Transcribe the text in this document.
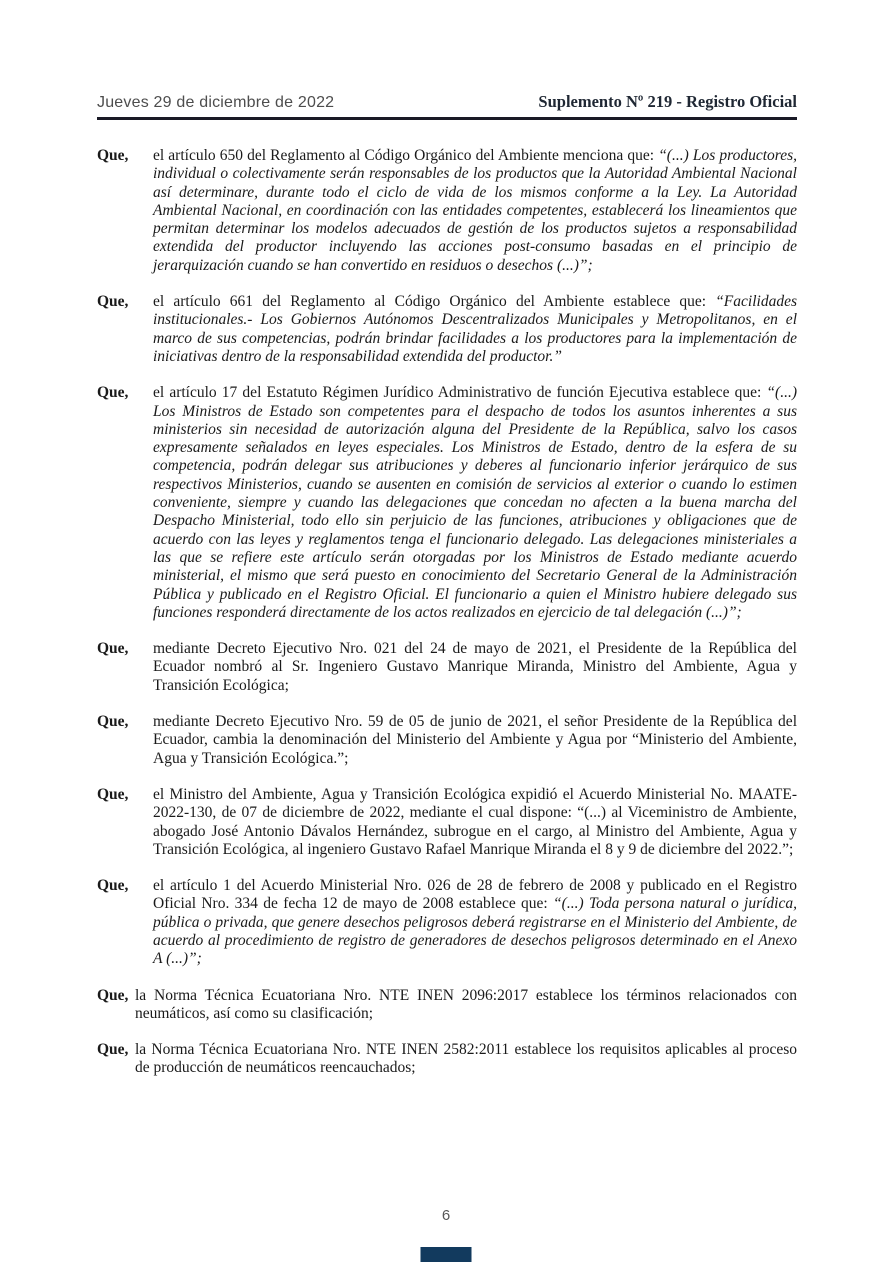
Jueves 29 de diciembre de 2022	Suplemento Nº 219 - Registro Oficial
Que, el artículo 650 del Reglamento al Código Orgánico del Ambiente menciona que: “(...) Los productores, individual o colectivamente serán responsables de los productos que la Autoridad Ambiental Nacional así determinare, durante todo el ciclo de vida de los mismos conforme a la Ley. La Autoridad Ambiental Nacional, en coordinación con las entidades competentes, establecerá los lineamientos que permitan determinar los modelos adecuados de gestión de los productos sujetos a responsabilidad extendida del productor incluyendo las acciones post-consumo basadas en el principio de jerarquización cuando se han convertido en residuos o desechos (...)”;
Que, el artículo 661 del Reglamento al Código Orgánico del Ambiente establece que: “Facilidades institucionales.- Los Gobiernos Autónomos Descentralizados Municipales y Metropolitanos, en el marco de sus competencias, podrán brindar facilidades a los productores para la implementación de iniciativas dentro de la responsabilidad extendida del productor.”
Que, el artículo 17 del Estatuto Régimen Jurídico Administrativo de función Ejecutiva establece que: “(...) Los Ministros de Estado son competentes para el despacho de todos los asuntos inherentes a sus ministerios sin necesidad de autorización alguna del Presidente de la República, salvo los casos expresamente señalados en leyes especiales. Los Ministros de Estado, dentro de la esfera de su competencia, podrán delegar sus atribuciones y deberes al funcionario inferior jerárquico de sus respectivos Ministerios, cuando se ausenten en comisión de servicios al exterior o cuando lo estimen conveniente, siempre y cuando las delegaciones que concedan no afecten a la buena marcha del Despacho Ministerial, todo ello sin perjuicio de las funciones, atribuciones y obligaciones que de acuerdo con las leyes y reglamentos tenga el funcionario delegado. Las delegaciones ministeriales a las que se refiere este artículo serán otorgadas por los Ministros de Estado mediante acuerdo ministerial, el mismo que será puesto en conocimiento del Secretario General de la Administración Pública y publicado en el Registro Oficial. El funcionario a quien el Ministro hubiere delegado sus funciones responderá directamente de los actos realizados en ejercicio de tal delegación (...)”;
Que, mediante Decreto Ejecutivo Nro. 021 del 24 de mayo de 2021, el Presidente de la República del Ecuador nombró al Sr. Ingeniero Gustavo Manrique Miranda, Ministro del Ambiente, Agua y Transición Ecológica;
Que, mediante Decreto Ejecutivo Nro. 59 de 05 de junio de 2021, el señor Presidente de la República del Ecuador, cambia la denominación del Ministerio del Ambiente y Agua por “Ministerio del Ambiente, Agua y Transición Ecológica.”;
Que, el Ministro del Ambiente, Agua y Transición Ecológica expidió el Acuerdo Ministerial No. MAATE-2022-130, de 07 de diciembre de 2022, mediante el cual dispone: “(...) al Viceministro de Ambiente, abogado José Antonio Dávalos Hernández, subrogue en el cargo, al Ministro del Ambiente, Agua y Transición Ecológica, al ingeniero Gustavo Rafael Manrique Miranda el 8 y 9 de diciembre del 2022.”;
Que, el artículo 1 del Acuerdo Ministerial Nro. 026 de 28 de febrero de 2008 y publicado en el Registro Oficial Nro. 334 de fecha 12 de mayo de 2008 establece que: “(...) Toda persona natural o jurídica, pública o privada, que genere desechos peligrosos deberá registrarse en el Ministerio del Ambiente, de acuerdo al procedimiento de registro de generadores de desechos peligrosos determinado en el Anexo A (...)”;
Que, la Norma Técnica Ecuatoriana Nro. NTE INEN 2096:2017 establece los términos relacionados con neumáticos, así como su clasificación;
Que, la Norma Técnica Ecuatoriana Nro. NTE INEN 2582:2011 establece los requisitos aplicables al proceso de producción de neumáticos reencauchados;
6
